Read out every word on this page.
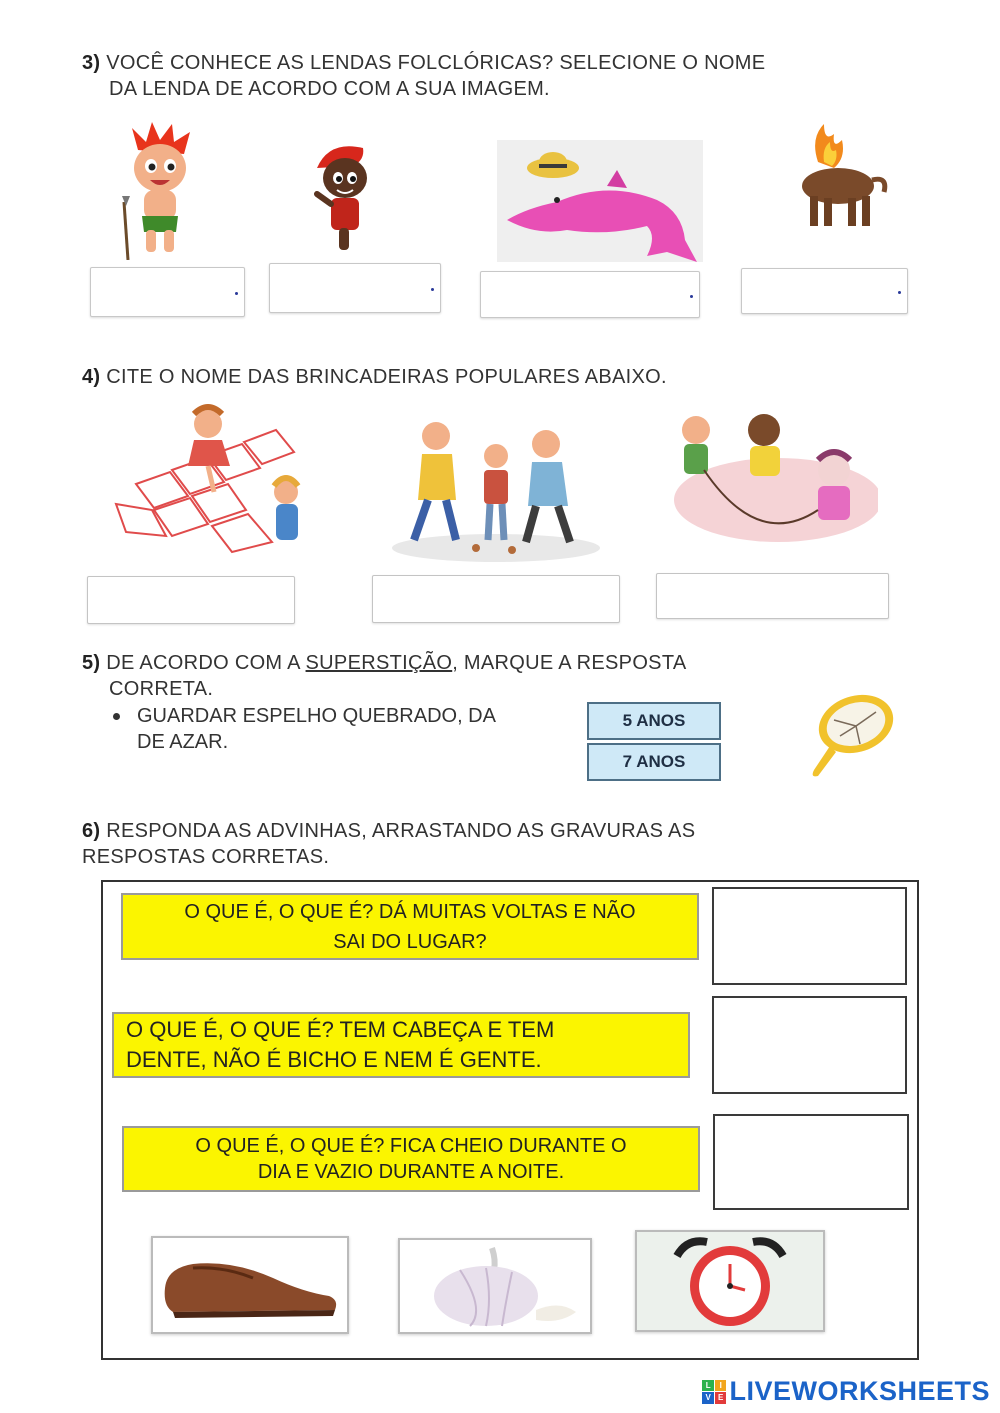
3) VOCÊ CONHECE AS LENDAS FOLCLÓRICAS? SELECIONE O NOME
DA LENDA DE ACORDO COM A SUA IMAGEM.
4) CITE O NOME DAS BRINCADEIRAS POPULARES ABAIXO.
5) DE ACORDO COM A SUPERSTIÇÃO, MARQUE A RESPOSTA
CORRETA.
GUARDAR ESPELHO QUEBRADO, DA
DE AZAR.
5 ANOS
7 ANOS
6) RESPONDA AS ADVINHAS, ARRASTANDO AS GRAVURAS AS
RESPOSTAS CORRETAS.
O QUE É, O QUE É? DÁ MUITAS VOLTAS E NÃO
SAI DO LUGAR?
O QUE É, O QUE É? TEM CABEÇA E TEM
DENTE, NÃO É BICHO E NEM É GENTE.
O QUE É, O QUE É? FICA CHEIO DURANTE O
DIA E VAZIO DURANTE A NOITE.
L	I
V E LIVEWORKSHEETS
